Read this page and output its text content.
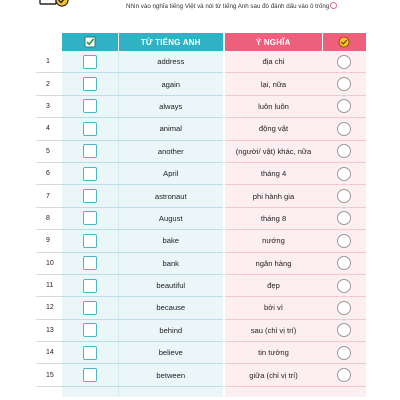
Nhìn vào nghĩa tiếng Việt và nói từ tiếng Anh sau đó đánh dấu vào ô trống
		TỪ TIẾNG ANH	Ý NGHĨA	
1		address	địa chỉ	
2		again	lại, nữa	
3		always	luôn luôn	
4		animal	động vật	
5		another	(người/ vật) khác, nữa	
6		April	tháng 4	
7		astronaut	phi hành gia	
8		August	tháng 8	
9		bake	nướng	
10		bank	ngân hàng	
11		beautiful	đẹp	
12		because	bởi vì	
13		behind	sau (chỉ vị trí)	
14		believe	tin tưởng	
15		between	giữa (chỉ vị trí)	
